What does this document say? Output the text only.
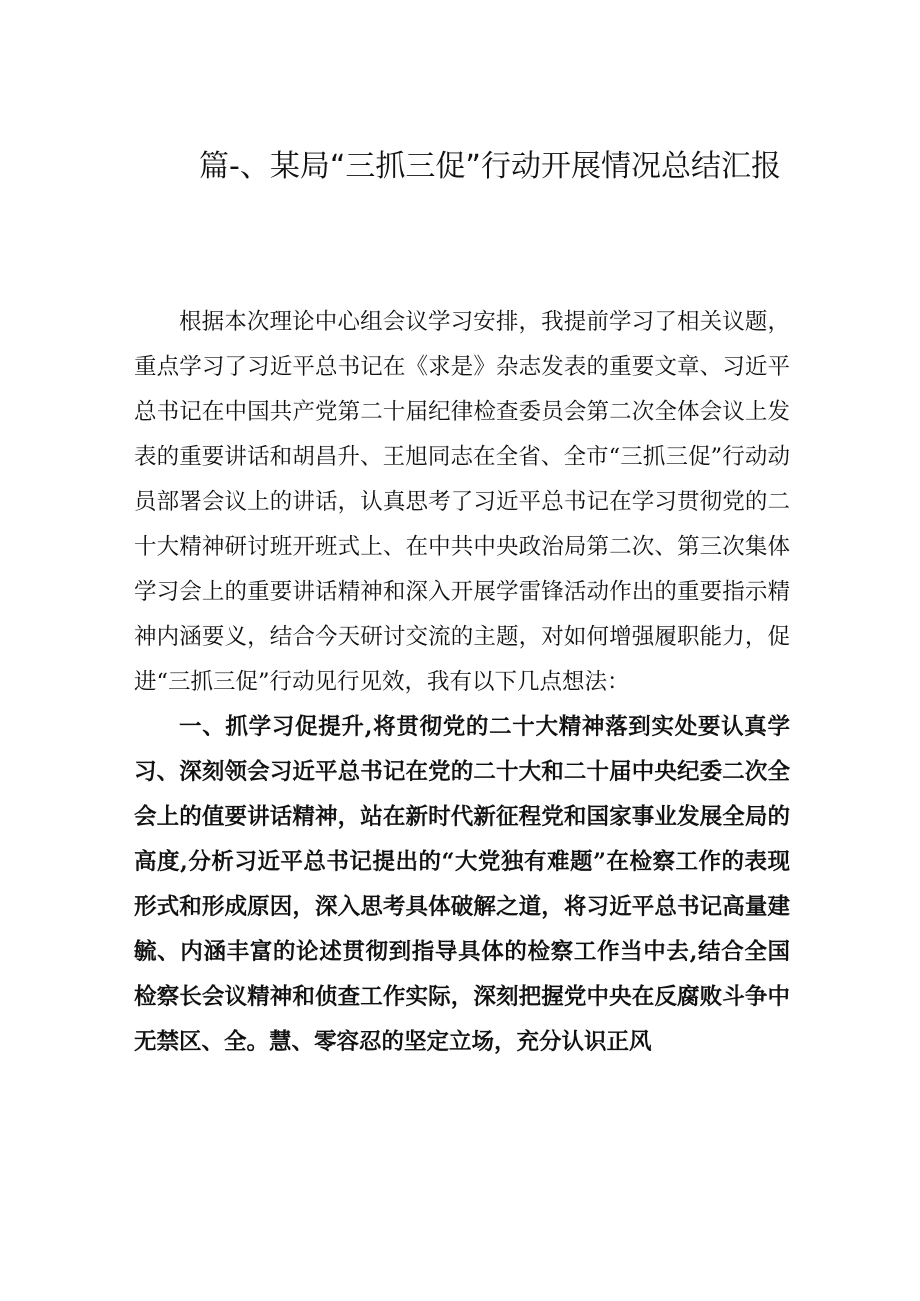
篇-、某局“三抓三促”行动开展情况总结汇报

根据本次理论中心组会议学习安排，我提前学习了相关议题，重点学习了习近平总书记在《求是》杂志发表的重要文章、习近平总书记在中国共产党第二十届纪律检查委员会第二次全体会议上发表的重要讲话和胡昌升、王旭同志在全省、全市“三抓三促”行动动员部署会议上的讲话，认真思考了习近平总书记在学习贯彻党的二十大精神研讨班开班式上、在中共中央政治局第二次、第三次集体学习会上的重要讲话精神和深入开展学雷锋活动作出的重要指示精神内涵要义，结合今天研讨交流的主题，对如何增强履职能力，促进“三抓三促”行动见行见效，我有以下几点想法：

一、抓学习促提升,将贯彻党的二十大精神落到实处要认真学习、深刻领会习近平总书记在党的二十大和二十届中央纪委二次全会上的值要讲话精神，站在新时代新征程党和国家事业发展全局的高度,分析习近平总书记提出的“大党独有难题”在检察工作的表现形式和形成原因，深入思考具体破解之道，将习近平总书记高量建毓、内涵丰富的论述贯彻到指导具体的检察工作当中去,结合全国检察长会议精神和侦查工作实际，深刻把握党中央在反腐败斗争中无禁区、全。慧、零容忍的坚定立场，充分认识正风
